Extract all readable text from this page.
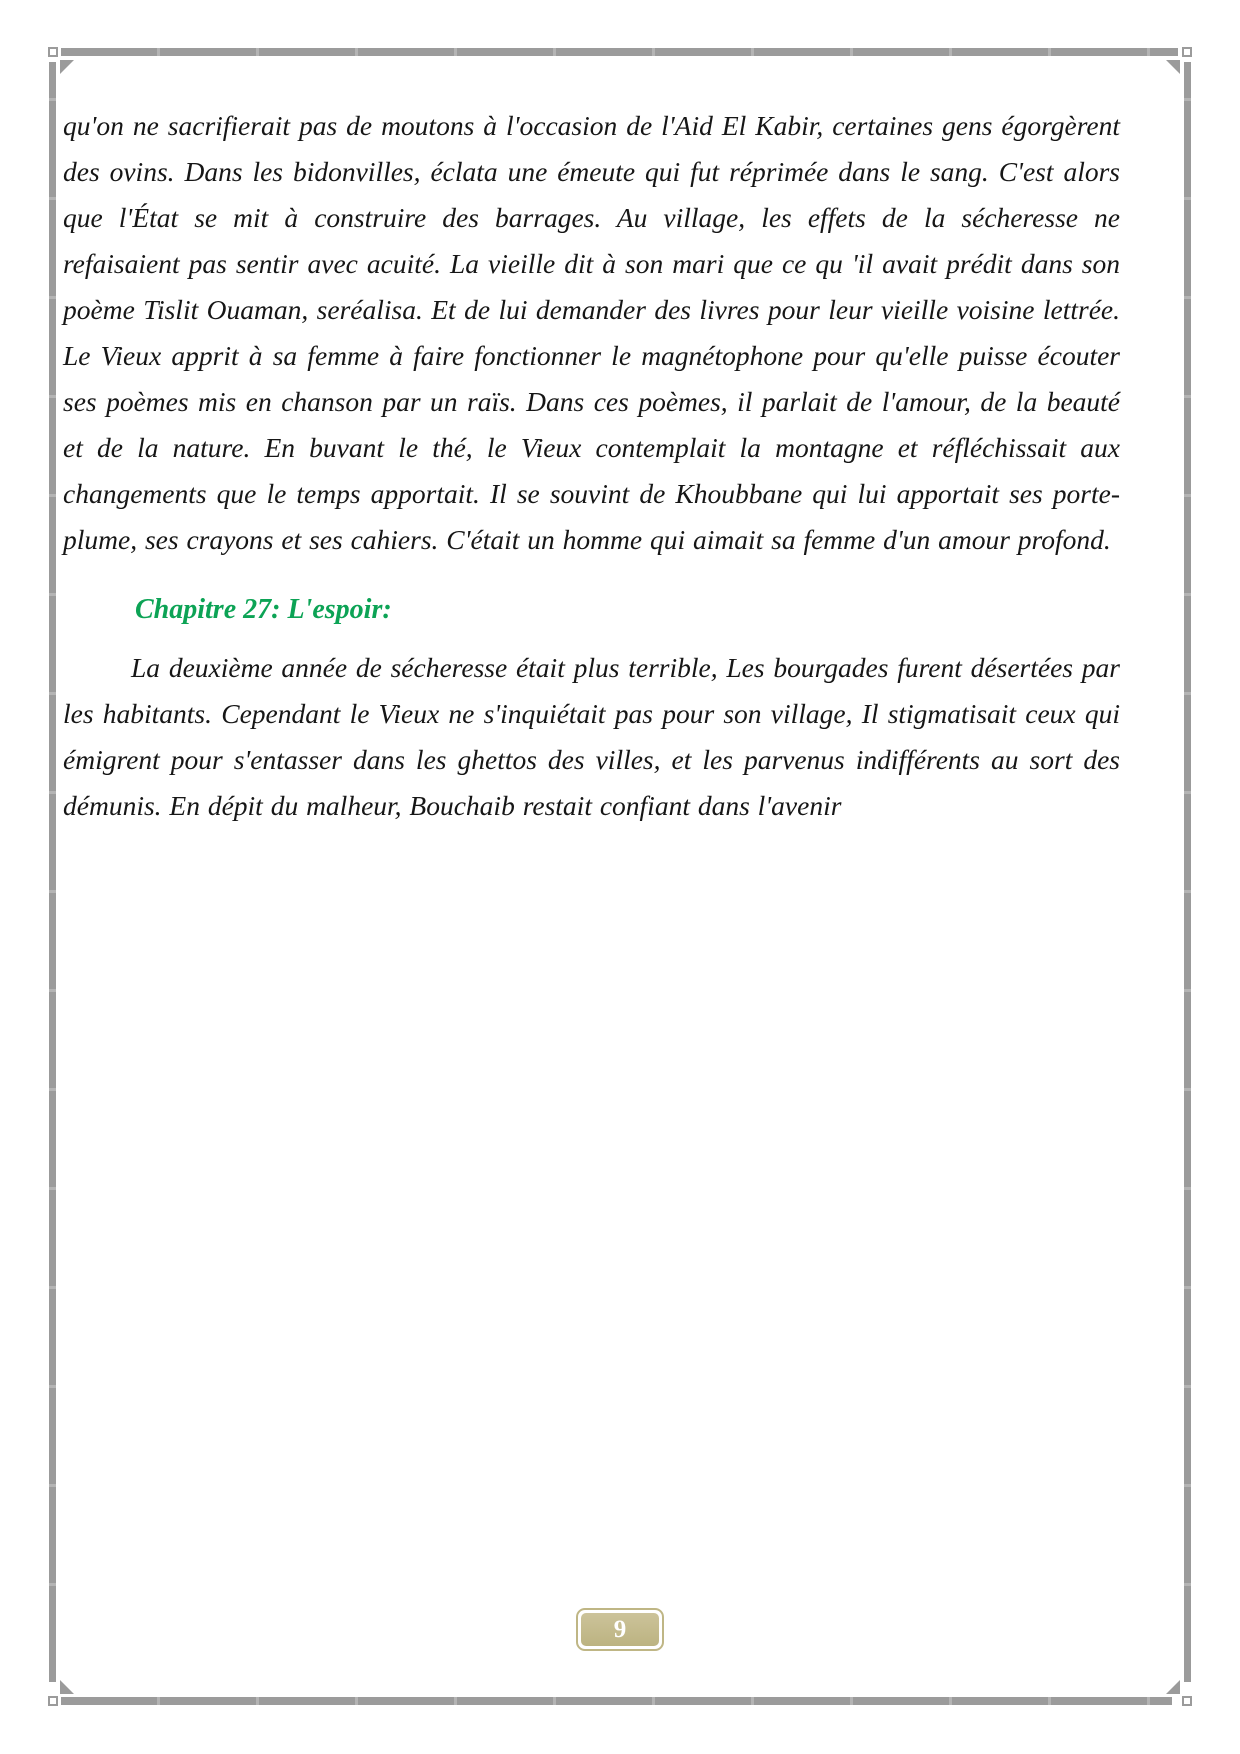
qu'on ne sacrifierait pas de moutons à l'occasion de l'Aid El Kabir, certaines gens égorgèrent des ovins. Dans les bidonvilles, éclata une émeute qui fut réprimée dans le sang. C'est alors que l'État se mit à construire des barrages. Au village, les effets de la sécheresse ne refaisaient pas sentir avec acuité. La vieille dit à son mari que ce qu 'il avait prédit dans son poème Tislit Ouaman, seréalisa. Et de lui demander des livres pour leur vieille voisine lettrée. Le Vieux apprit à sa femme à faire fonctionner le magnétophone pour qu'elle puisse écouter ses poèmes mis en chanson par un raïs. Dans ces poèmes, il parlait de l'amour, de la beauté et de la nature. En buvant le thé, le Vieux contemplait la montagne et réfléchissait aux changements que le temps apportait. Il se souvint de Khoubbane qui lui apportait ses porte-plume, ses crayons et ses cahiers. C'était un homme qui aimait sa femme d'un amour profond.

Chapitre 27: L'espoir:

La deuxième année de sécheresse était plus terrible, Les bourgades furent désertées par les habitants. Cependant le Vieux ne s'inquiétait pas pour son village, Il stigmatisait ceux qui émigrent pour s'entasser dans les ghettos des villes, et les parvenus indifférents au sort des démunis. En dépit du malheur, Bouchaib restait confiant dans l'avenir

9
